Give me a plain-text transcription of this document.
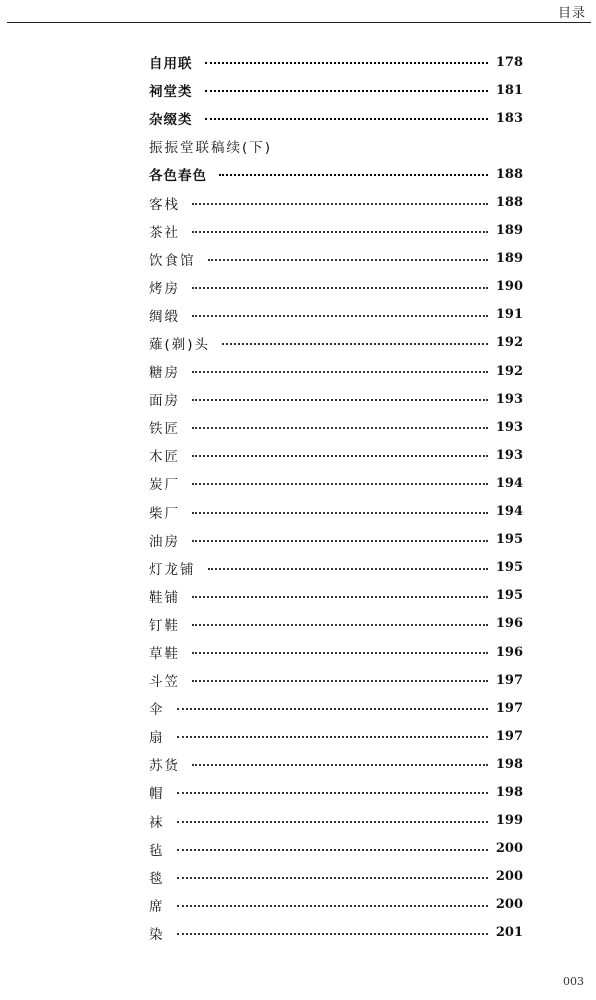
目录
自用联	178
祠堂类	181
杂缀类	183
振振堂联稿续(下)
各色春色	188
客栈	188
茶社	189
饮食馆	189
烤房	190
绸缎	191
薙(剃)头	192
糖房	192
面房	193
铁匠	193
木匠	193
炭厂	194
柴厂	194
油房	195
灯龙铺	195
鞋铺	195
钉鞋	196
草鞋	196
斗笠	197
伞	197
扇	197
苏货	198
帽	198
袜	199
毡	200
毯	200
席	200
染	201
003
